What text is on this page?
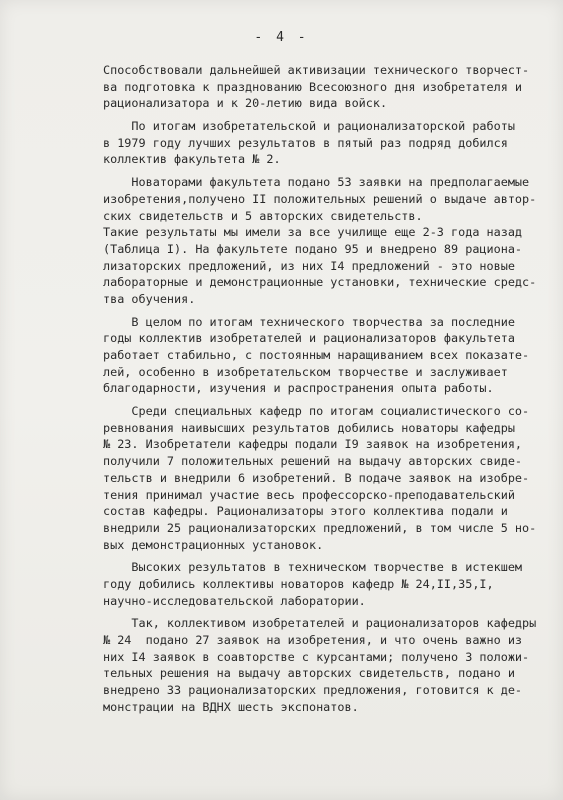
- 4 -
Способствовали дальнейшей активизации технического творчест-
ва подготовка к празднованию Всесоюзного дня изобретателя и
рационализатора и к 20-летию вида войск.
По итогам изобретательской и рационализаторской работы
в 1979 году лучших результатов в пятый раз подряд добился
коллектив факультета № 2.
Новаторами факультета подано 53 заявки на предполагаемые
изобретения,получено II положительных решений о выдаче автор-
ских свидетельств и 5 авторских свидетельств.
Такие результаты мы имели за все училище еще 2-3 года назад
(Таблица I). На факультете подано 95 и внедрено 89 рациона-
лизаторских предложений, из них I4 предложений - это новые
лабораторные и демонстрационные установки, технические средс-
тва обучения.
В целом по итогам технического творчества за последние
годы коллектив изобретателей и рационализаторов факультета
работает стабильно, с постоянным наращиванием всех показате-
лей, особенно в изобретательском творчестве и заслуживает
благодарности, изучения и распространения опыта работы.
Среди специальных кафедр по итогам социалистического со-
ревнования наивысших результатов добились новаторы кафедры
№ 23. Изобретатели кафедры подали I9 заявок на изобретения,
получили 7 положительных решений на выдачу авторских свиде-
тельств и внедрили 6 изобретений. В подаче заявок на изобре-
тения принимал участие весь профессорско-преподавательский
состав кафедры. Рационализаторы этого коллектива подали и
внедрили 25 рационализаторских предложений, в том числе 5 но-
вых демонстрационных установок.
Высоких результатов в техническом творчестве в истекшем
году добились коллективы новаторов кафедр № 24,II,35,I,
научно-исследовательской лаборатории.
Так, коллективом изобретателей и рационализаторов кафедры
№ 24  подано 27 заявок на изобретения, и что очень важно из
них I4 заявок в соавторстве с курсантами; получено 3 положи-
тельных решения на выдачу авторских свидетельств, подано и
внедрено 33 рационализаторских предложения, готовится к де-
монстрации на ВДНХ шесть экспонатов.
